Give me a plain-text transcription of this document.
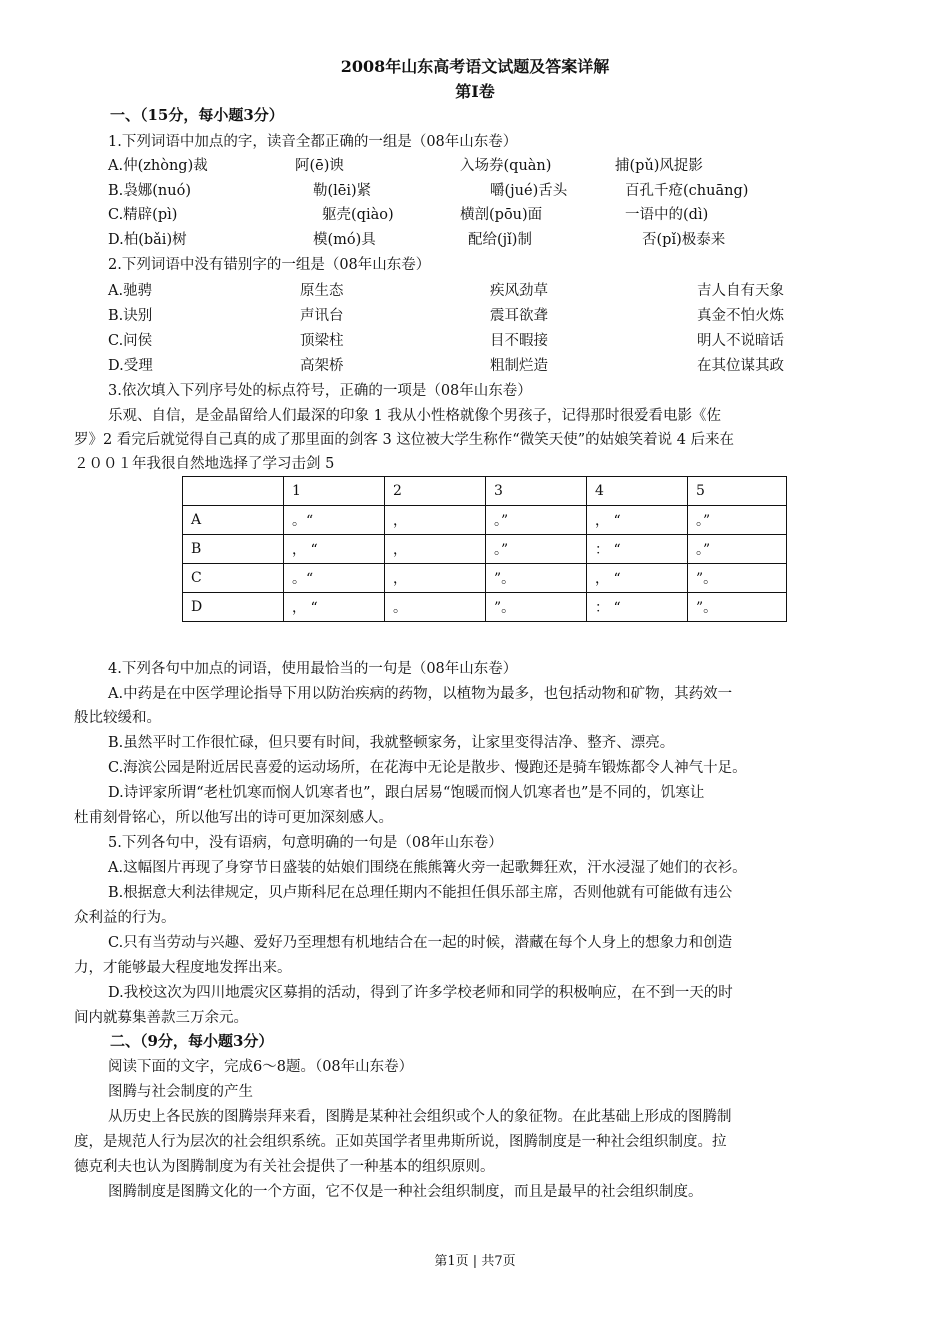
2008年山东高考语文试题及答案详解
第Ⅰ卷
一、（15分，每小题3分）
1.下列词语中加点的字，读音全都正确的一组是（08年山东卷）
A.仲(zhòng)裁	阿(ē)谀	入场券(quàn)	捕(pǔ)风捉影
B.袅娜(nuó)	勒(lēi)紧	嚼(jué)舌头	百孔千疮(chuāng)
C.精辟(pì)	躯壳(qiào)	横剖(pōu)面	一语中的(dì)
D.柏(bǎi)树	模(mó)具	配给(jǐ)制	否(pǐ)极泰来
2.下列词语中没有错别字的一组是（08年山东卷）
A.驰骋	原生态	疾风劲草	吉人自有天象
B.诀别	声讯台	震耳欲聋	真金不怕火炼
C.问侯	顶梁柱	目不暇接	明人不说暗话
D.受理	高架桥	粗制烂造	在其位谋其政
3.依次填入下列序号处的标点符号，正确的一项是（08年山东卷）
乐观、自信，是金晶留给人们最深的印象 1 我从小性格就像个男孩子，记得那时很爱看电影《佐
罗》2 看完后就觉得自己真的成了那里面的剑客 3 这位被大学生称作“微笑天使”的姑娘笑着说 4 后来在
２００１年我很自然地选择了学习击剑 5
	1	2	3	4	5
A	。“	，	。”	， “	。”
B	， “	，	。”	： “	。”
C	。“	，	”。	， “	”。
D	， “	。	”。	： “	”。
4.下列各句中加点的词语，使用最恰当的一句是（08年山东卷）
A.中药是在中医学理论指导下用以防治疾病的药物，以植物为最多，也包括动物和矿物，其药效一
般比较缓和。
B.虽然平时工作很忙碌，但只要有时间，我就整顿家务，让家里变得洁净、整齐、漂亮。
C.海滨公园是附近居民喜爱的运动场所，在花海中无论是散步、慢跑还是骑车锻炼都令人神气十足。
D.诗评家所谓“老杜饥寒而悯人饥寒者也”，跟白居易“饱暖而悯人饥寒者也”是不同的，饥寒让
杜甫刻骨铭心，所以他写出的诗可更加深刻感人。
5.下列各句中，没有语病，句意明确的一句是（08年山东卷）
A.这幅图片再现了身穿节日盛装的姑娘们围绕在熊熊篝火旁一起歌舞狂欢，汗水浸湿了她们的衣衫。
B.根据意大利法律规定，贝卢斯科尼在总理任期内不能担任俱乐部主席，否则他就有可能做有违公
众利益的行为。
C.只有当劳动与兴趣、爱好乃至理想有机地结合在一起的时候，潜藏在每个人身上的想象力和创造
力，才能够最大程度地发挥出来。
D.我校这次为四川地震灾区募捐的活动，得到了许多学校老师和同学的积极响应，在不到一天的时
间内就募集善款三万余元。
二、（9分，每小题3分）
阅读下面的文字，完成6～8题。（08年山东卷）
图腾与社会制度的产生
从历史上各民族的图腾崇拜来看，图腾是某种社会组织或个人的象征物。在此基础上形成的图腾制
度，是规范人行为层次的社会组织系统。正如英国学者里弗斯所说，图腾制度是一种社会组织制度。拉
德克利夫也认为图腾制度为有关社会提供了一种基本的组织原则。
图腾制度是图腾文化的一个方面，它不仅是一种社会组织制度，而且是最早的社会组织制度。
第1页 | 共7页
